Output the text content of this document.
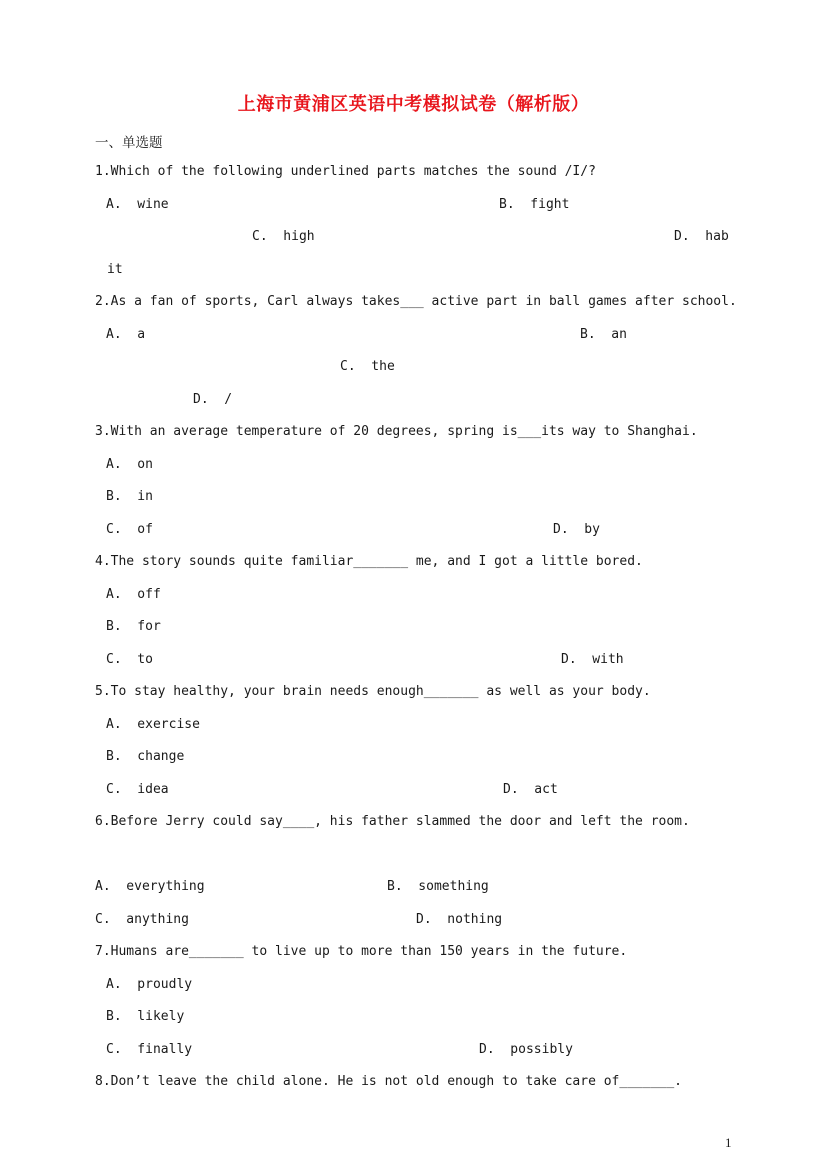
上海市黄浦区英语中考模拟试卷（解析版）
一、单选题
1.Which of the following underlined parts matches the sound /I/?
A.  wine	B.  fight
C.  high	D.  hab
it
2.As a fan of sports, Carl always takes___ active part in ball games after school.
A.  a	B.  an
C.  the
D.  /
3.With an average temperature of 20 degrees, spring is___its way to Shanghai.
A.  on
B.  in
C.  of	D.  by
4.The story sounds quite familiar_______ me, and I got a little bored.
A.  off
B.  for
C.  to	D.  with
5.To stay healthy, your brain needs enough_______ as well as your body.
A.  exercise
B.  change
C.  idea	D.  act
6.Before Jerry could say____, his father slammed the door and left the room.
A.  everything	B.  something
C.  anything	D.  nothing
7.Humans are_______ to live up to more than 150 years in the future.
A.  proudly
B.  likely
C.  finally	D.  possibly
8.Don’t leave the child alone. He is not old enough to take care of_______.
1
